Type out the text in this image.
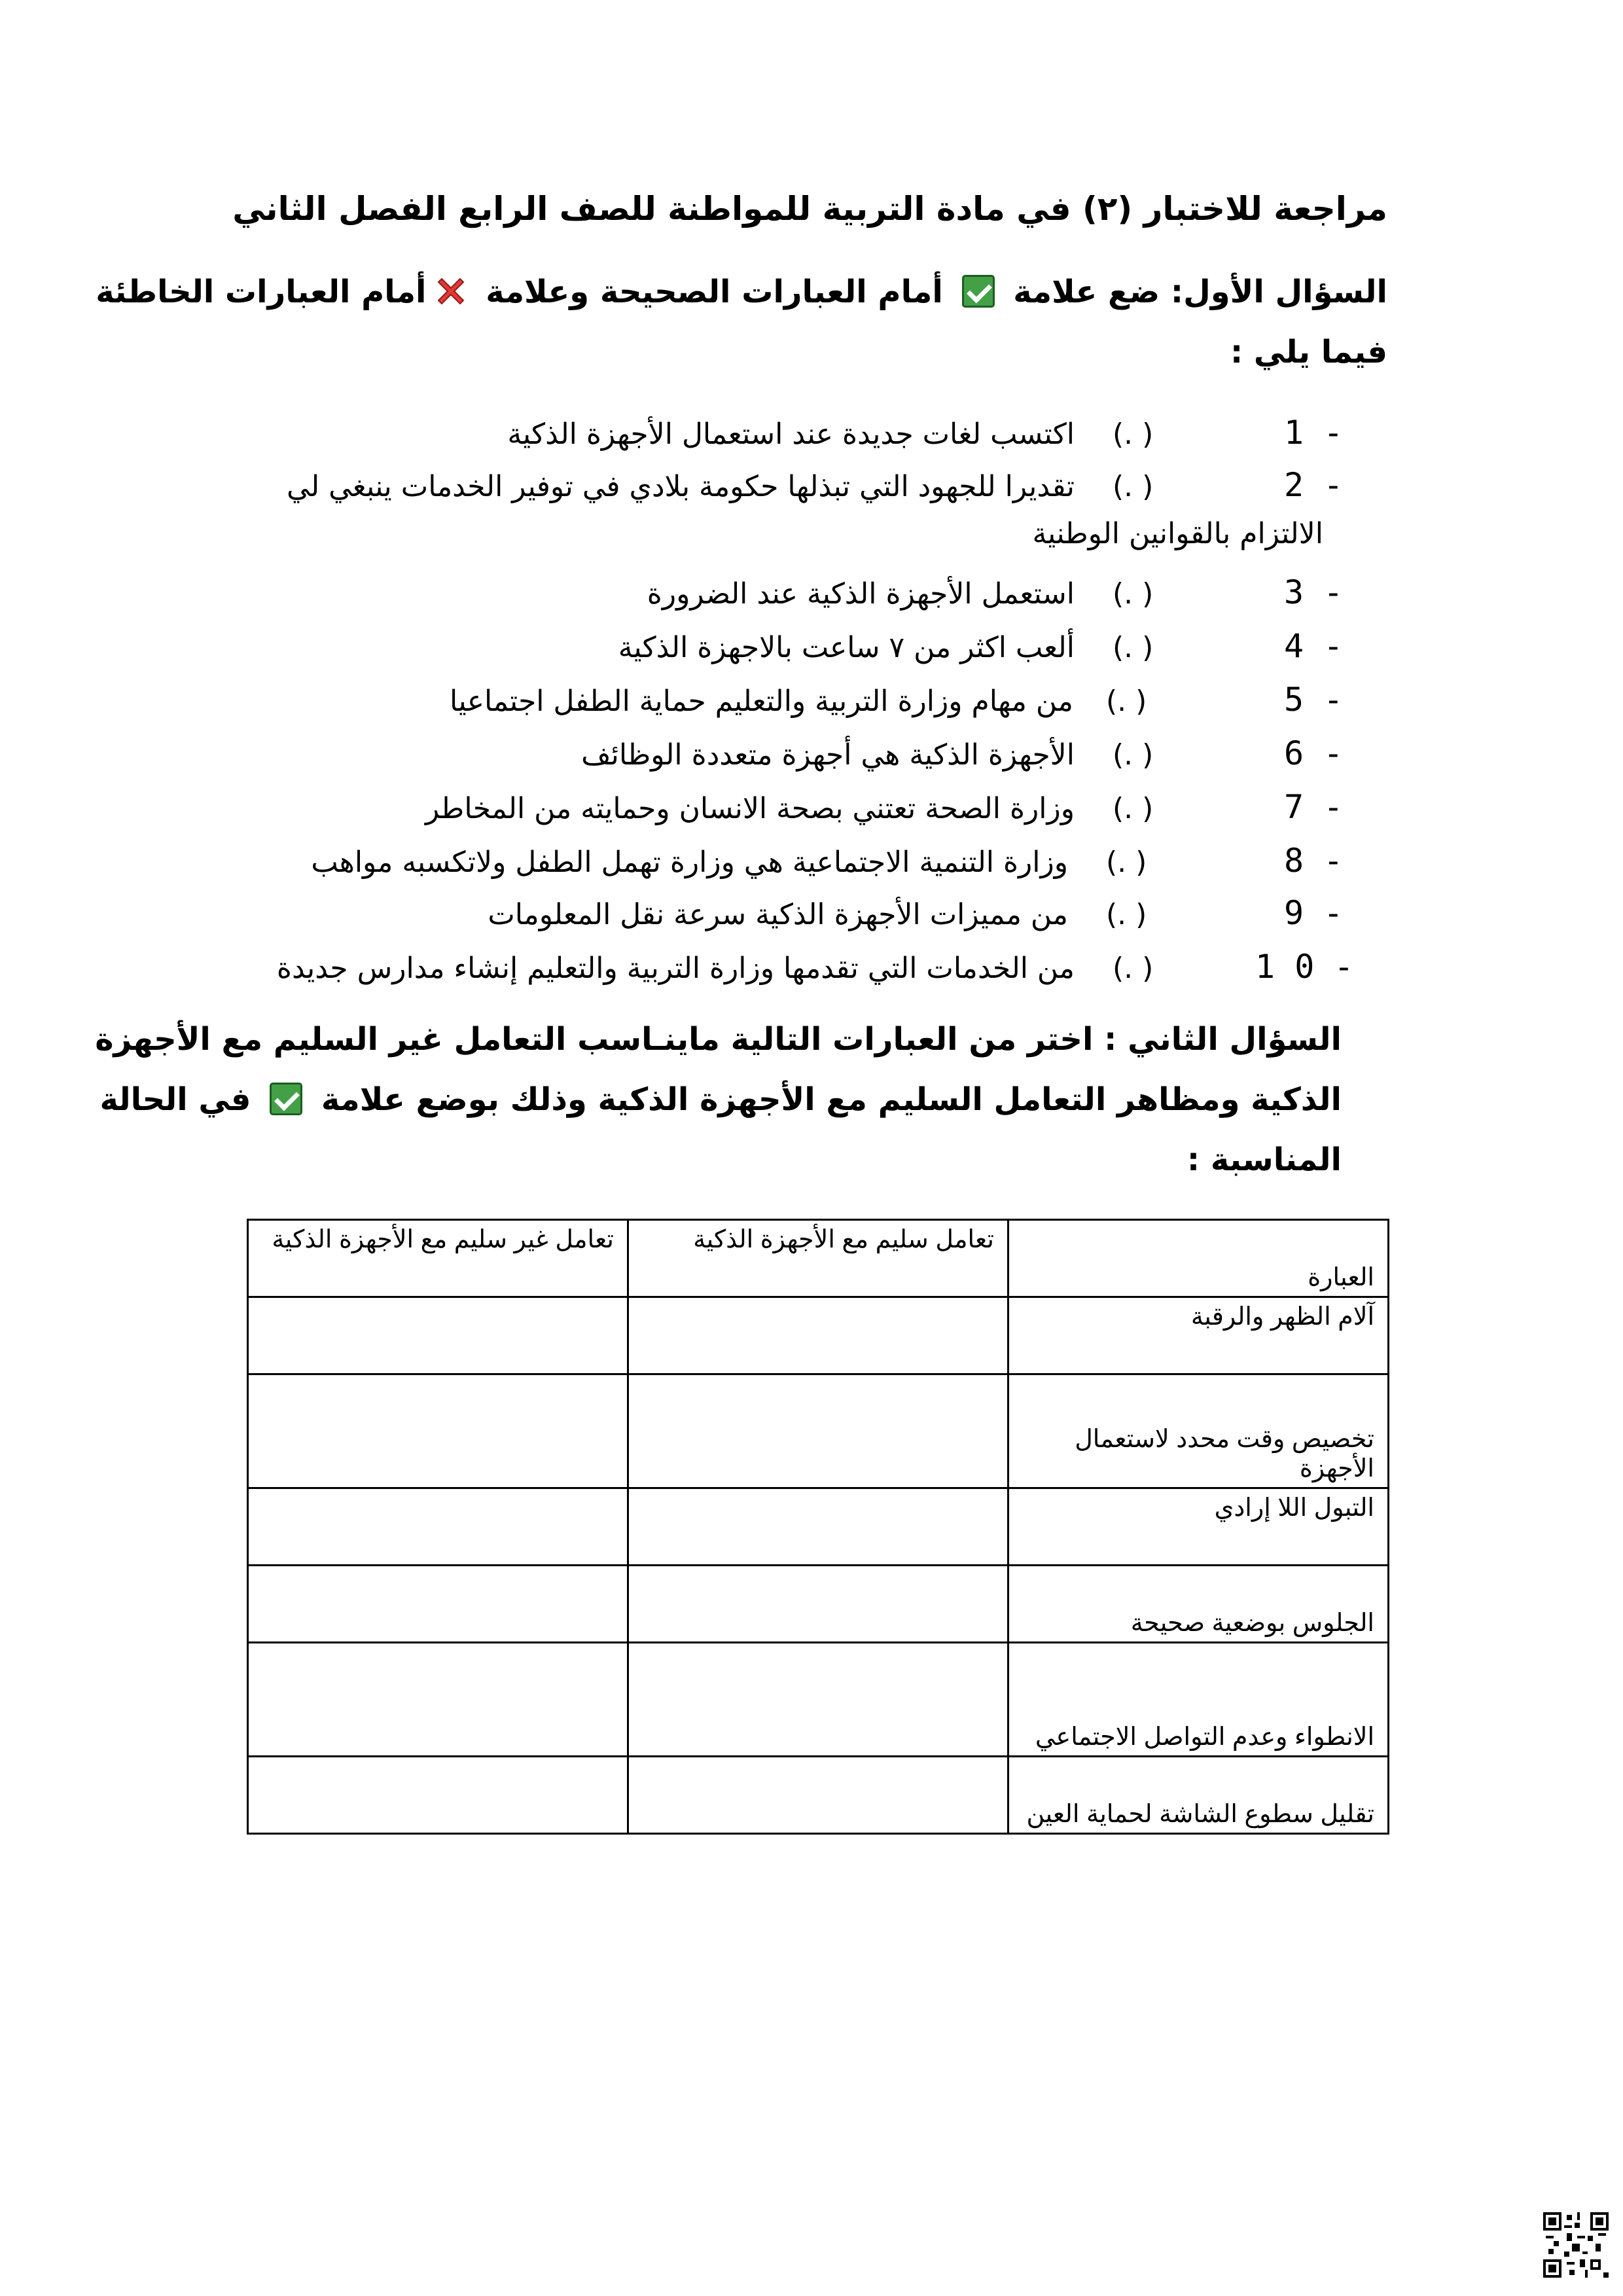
مراجعة للاختبار (٢) في مادة التربية للمواطنة للصف الرابع الفصل الثاني
السؤال الأول: ضع علامة  أمام العبارات الصحيحة وعلامة أمام العبارات الخاطئة
فيما يلي :
1 -
(. )
اكتسب لغات جديدة عند استعمال الأجهزة الذكية
2 -
(. )
تقديرا للجهود التي تبذلها حكومة بلادي في توفير الخدمات ينبغي لي
الالتزام بالقوانين الوطنية
3 -
(. )
استعمل الأجهزة الذكية عند الضرورة
4 -
(. )
ألعب اكثر من ٧ ساعت بالاجهزة الذكية
5 -
(. )
من مهام وزارة التربية والتعليم حماية الطفل اجتماعيا
6 -
(. )
الأجهزة الذكية هي أجهزة متعددة الوظائف
7 -
(. )
وزارة الصحة تعتني بصحة الانسان وحمايته من المخاطر
8 -
(. )
وزارة التنمية الاجتماعية هي وزارة تهمل الطفل ولاتكسبه مواهب
9 -
(. )
من مميزات الأجهزة الذكية سرعة نقل المعلومات
1 0 -
(. )
من الخدمات التي تقدمها وزارة التربية والتعليم إنشاء مدارس جديدة
السؤال الثاني : اختر من العبارات التالية ماينـاسب التعامل غير السليم مع الأجهزة
الذكية ومظاهر التعامل السليم مع الأجهزة الذكية وذلك بوضع علامة  في الحالة
المناسبة :
العبارة	تعامل سليم مع الأجهزة الذكية	تعامل غير سليم مع الأجهزة الذكية
آلام الظهر والرقبة		
تخصيص وقت محدد لاستعمال الأجهزة		
التبول اللا إرادي		
الجلوس بوضعية صحيحة		
الانطواء وعدم التواصل الاجتماعي		
تقليل سطوع الشاشة لحماية العين		
